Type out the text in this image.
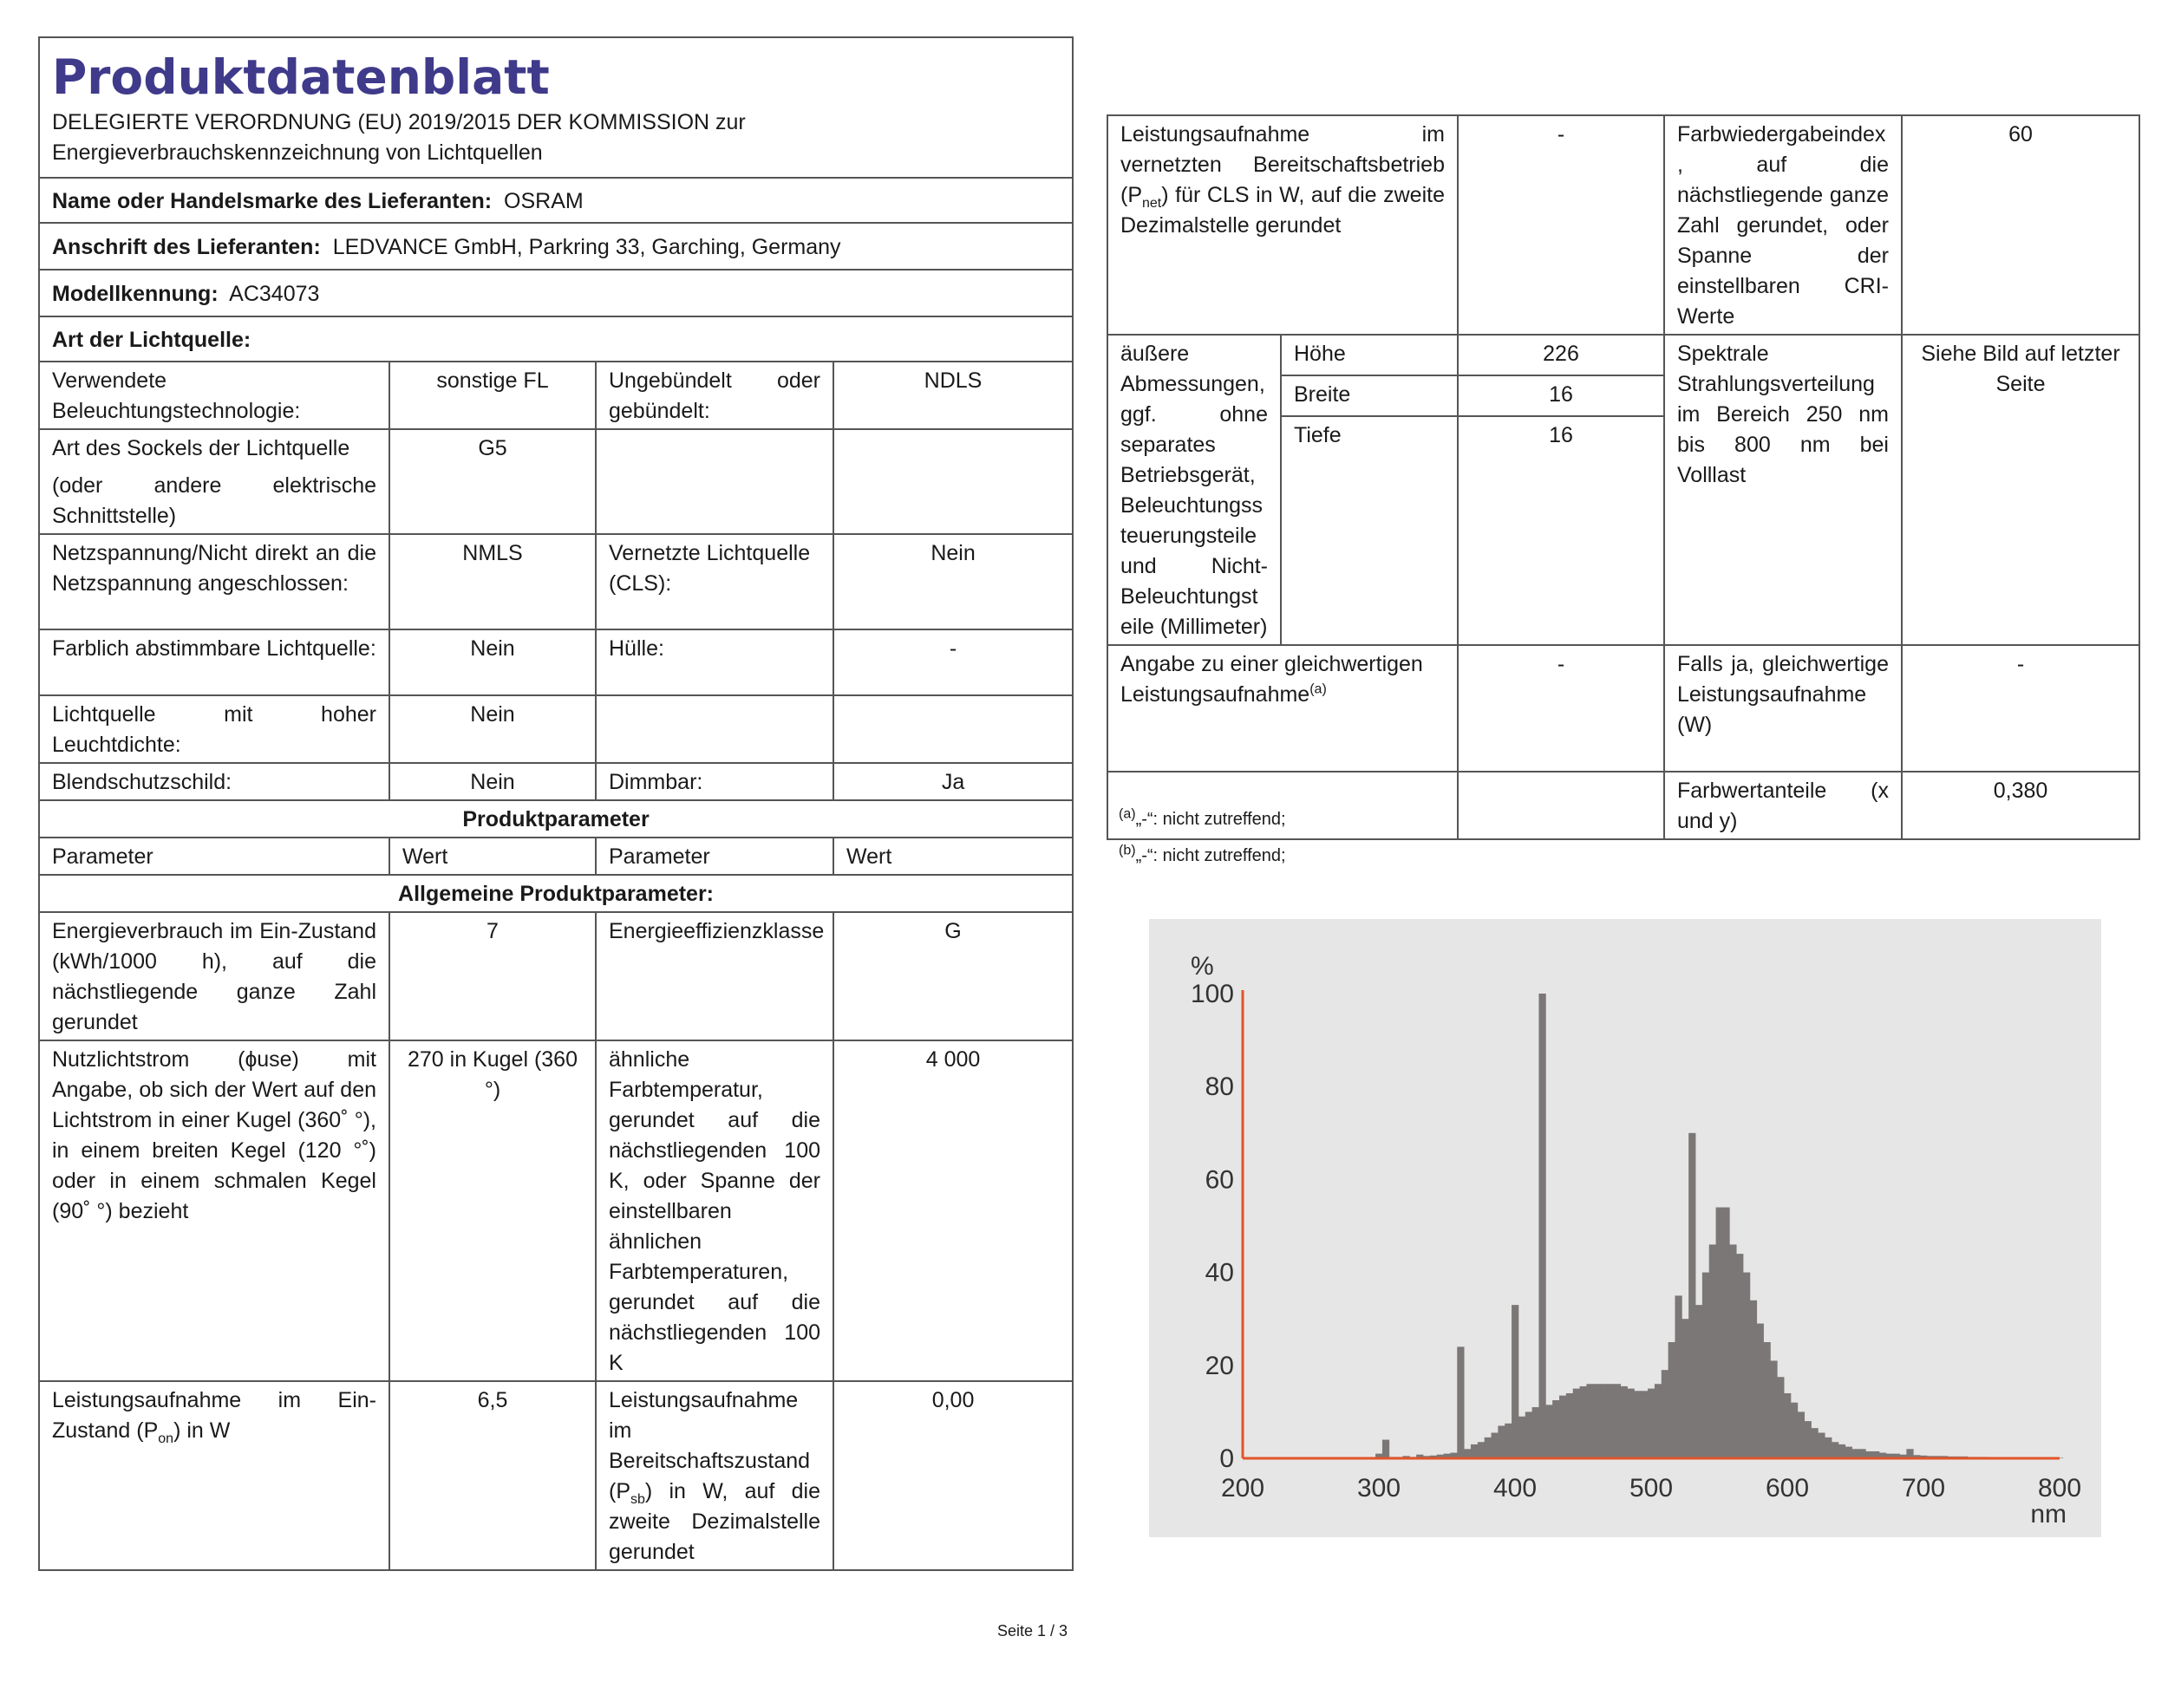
Produktdatenblatt
DELEGIERTE VERORDNUNG (EU) 2019/2015 DER KOMMISSION zur Energieverbrauchskennzeichnung von Lichtquellen			

Name oder Handelsmarke des Lieferanten: OSRAM			
Anschrift des Lieferanten: LEDVANCE GmbH, Parkring 33, Garching, Germany			
Modellkennung: AC34073			
Art der Lichtquelle:			
Verwendete Beleuchtungstechnologie:	sonstige FL	Ungebündelt oder gebündelt:	NDLS

Art des Sockels der Lichtquelle
(oder andere elektrische Schnittstelle)	G5		
Netzspannung/Nicht direkt an die Netzspannung angeschlossen:	NMLS	Vernetzte Lichtquelle (CLS):	Nein
Farblich abstimmbare Lichtquelle:	Nein	Hülle:	-
Lichtquelle mit hoher Leuchtdichte:	Nein		
Blendschutzschild:	Nein	Dimmbar:	Ja
Produktparameter			
Parameter	Wert	Parameter	Wert
Allgemeine Produktparameter:			
Energieverbrauch im Ein-Zustand (kWh/1000 h), auf die nächstliegende ganze Zahl gerundet	7	Energieeffizienzklasse	G
Nutzlichtstrom (ɸuse) mit Angabe, ob sich der Wert auf den Lichtstrom in einer Kugel (360˚ °), in einem breiten Kegel (120 °˚) oder in einem schmalen Kegel (90˚ °) bezieht	270 in Kugel (360 °)	ähnliche Farbtemperatur, gerundet auf die nächstliegenden 100 K, oder Spanne der einstellbaren ähnlichen Farbtemperaturen, gerundet auf die nächstliegenden 100 K	4 000
Leistungsaufnahme im Ein-Zustand $(P_{on})$ in W	6,5	Leistungsaufnahme im Bereitschaftszustand $(P_{sb})$ in W, auf die zweite Dezimalstelle gerundet	0,00
Leistungsaufnahme im vernetzten Bereitschaftsbetrieb $(P_{net})$ für CLS in W, auf die zweite Dezimalstelle gerundet		-	Farbwiedergabeindex, auf die nächstliegende ganze Zahl gerundet, oder Spanne der einstellbaren CRI-Werte	60
äußere Abmessungen, ggf. ohne separates Betriebsgerät, Beleuchtungssteuerungsteile und Nicht-Beleuchtungsteile (Millimeter)	Höhe	226	Spektrale Strahlungsverteilung im Bereich 250 nm bis 800 nm bei Volllast	Siehe Bild auf letzter Seite
	Breite	16		
	Tiefe	16		
Angabe zu einer gleichwertigen Leistungsaufnahme$^{(a)}$		-	Falls ja, gleichwertige Leistungsaufnahme (W)	-
			Farbwertanteile (x und y)	0,380
$^{(a)}$„-“: nicht zutreffend;
$^{(b)}$„-“: nicht zutreffend;
200	300	400	500	600	700	800
0
20
40
60
80
100
%
nm
Seite 1 / 3
